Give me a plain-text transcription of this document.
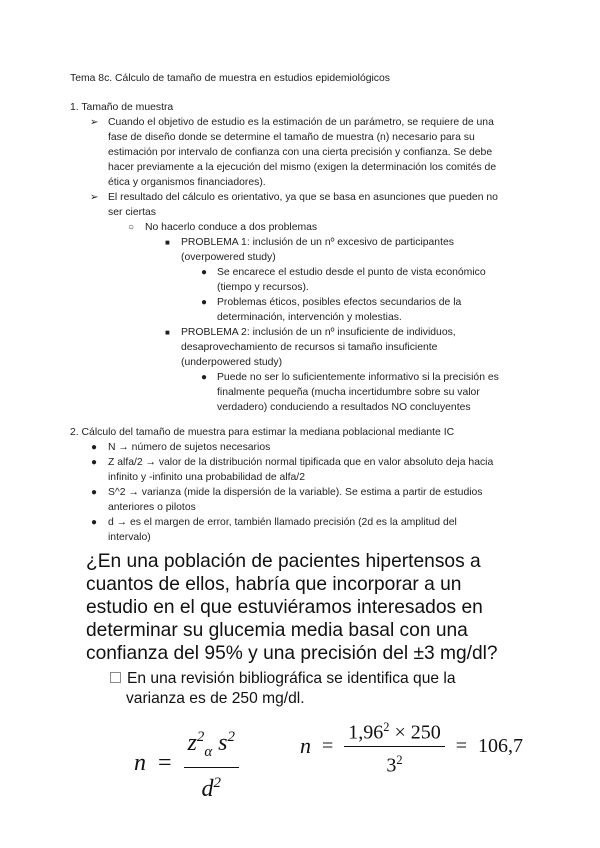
Tema 8c. Cálculo de tamaño de muestra en estudios epidemiológicos
1. Tamaño de muestra
➢ Cuando el objetivo de estudio es la estimación de un parámetro, se requiere de una
fase de diseño donde se determine el tamaño de muestra (n) necesario para su
estimación por intervalo de confianza con una cierta precisión y confianza. Se debe
hacer previamente a la ejecución del mismo (exigen la determinación los comités de
ética y organismos financiadores).
➢ El resultado del cálculo es orientativo, ya que se basa en asunciones que pueden no
ser ciertas
○ No hacerlo conduce a dos problemas
■ PROBLEMA 1: inclusión de un nº excesivo de participantes
(overpowered study)
● Se encarece el estudio desde el punto de vista económico
(tiempo y recursos).
● Problemas éticos, posibles efectos secundarios de la
determinación, intervención y molestias.
■ PROBLEMA 2: inclusión de un nº insuficiente de individuos,
desaprovechamiento de recursos si tamaño insuficiente
(underpowered study)
● Puede no ser lo suficientemente informativo si la precisión es
finalmente pequeña (mucha incertidumbre sobre su valor
verdadero) conduciendo a resultados NO concluyentes
2. Cálculo del tamaño de muestra para estimar la mediana poblacional mediante IC
● N → número de sujetos necesarios
● Z alfa/2 → valor de la distribución normal tipificada que en valor absoluto deja hacia
infinito y -infinito una probabilidad de alfa/2
● S^2 → varianza (mide la dispersión de la variable). Se estima a partir de estudios
anteriores o pilotos
● d → es el margen de error, también llamado precisión (2d es la amplitud del
intervalo)
¿En una población de pacientes hipertensos a
cuantos de ellos, habría que incorporar a un
estudio en el que estuviéramos interesados en
determinar su glucemia media basal con una
confianza del 95% y una precisión del ±3 mg/dl?
En una revisión bibliográfica se identifica que la
varianza es de 250 mg/dl.
$n = \frac{z^2_\alpha s^2}{d^2}$	$n = \frac{1,96^2 \times 250}{3^2} = 106,7$
